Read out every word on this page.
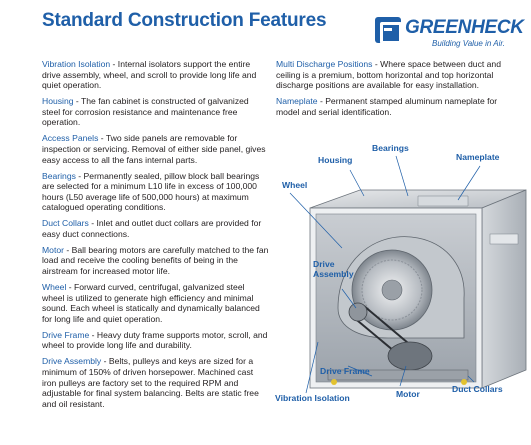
Standard Construction Features	GREENHECK
Building Value in Air.

Vibration Isolation - Internal isolators support the entire drive assembly, wheel, and scroll to provide long life and quiet operation.

Housing - The fan cabinet is constructed of galvanized steel for corrosion resistance and maintenance free operation.

Access Panels - Two side panels are removable for inspection or servicing. Removal of either side panel, gives easy access to all the fans internal parts.

Bearings - Permanently sealed, pillow block ball bearings are selected for a minimum L10 life in excess of 100,000 hours (L50 average life of 500,000 hours) at maximum catalogued operating conditions.

Duct Collars - Inlet and outlet duct collars are provided for easy duct connections.

Motor - Ball bearing motors are carefully matched to the fan load and receive the cooling benefits of being in the airstream for increased motor life.

Wheel - Forward curved, centrifugal, galvanized steel wheel is utilized to generate high efficiency and minimal sound. Each wheel is statically and dynamically balanced for long life and quiet operation.

Drive Frame - Heavy duty frame supports motor, scroll, and wheel to provide long life and durability.

Drive Assembly - Belts, pulleys and keys are sized for a minimum of 150% of driven horsepower. Machined cast iron pulleys are factory set to the required RPM and adjustable for final system balancing. Belts are static free and oil resistant.

Multi Discharge Positions - Where space between duct and ceiling is a premium, bottom horizontal and top horizontal discharge positions are available for easy installation.

Nameplate - Permanent stamped aluminum nameplate for model and serial identification.

Bearings
Housing	Nameplate
Wheel
Drive
Assembly
Drive Frame
Motor	Duct Collars
Vibration Isolation
